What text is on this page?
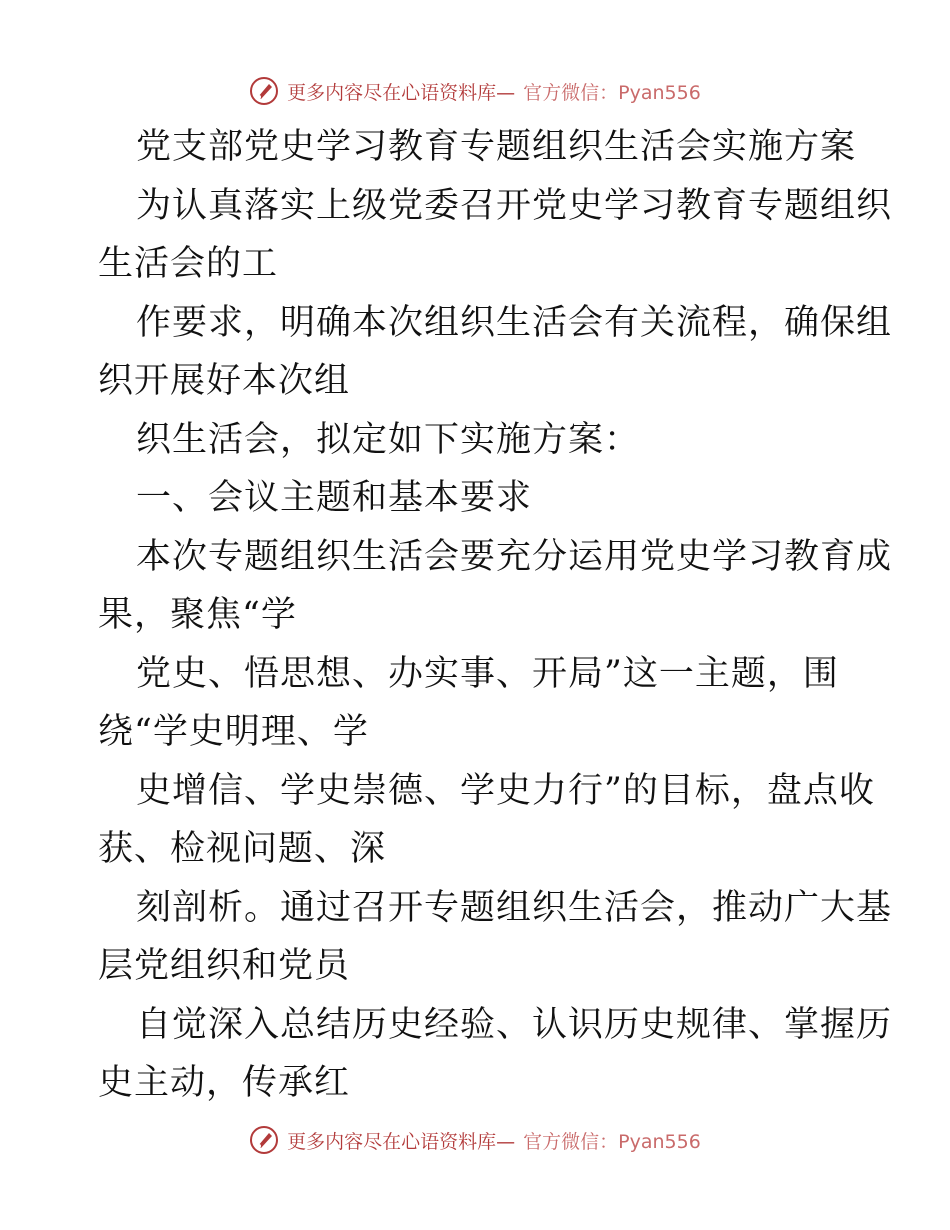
更多内容尽在心语资料库— 官方微信：Pyan556
党支部党史学习教育专题组织生活会实施方案
为认真落实上级党委召开党史学习教育专题组织
生活会的工
作要求，明确本次组织生活会有关流程，确保组
织开展好本次组
织生活会，拟定如下实施方案：
一、会议主题和基本要求
本次专题组织生活会要充分运用党史学习教育成
果，聚焦“学
党史、悟思想、办实事、开局”这一主题，围
绕“学史明理、学
史增信、学史崇德、学史力行”的目标，盘点收
获、检视问题、深
刻剖析。通过召开专题组织生活会，推动广大基
层党组织和党员
自觉深入总结历史经验、认识历史规律、掌握历
史主动，传承红
更多内容尽在心语资料库— 官方微信：Pyan556
